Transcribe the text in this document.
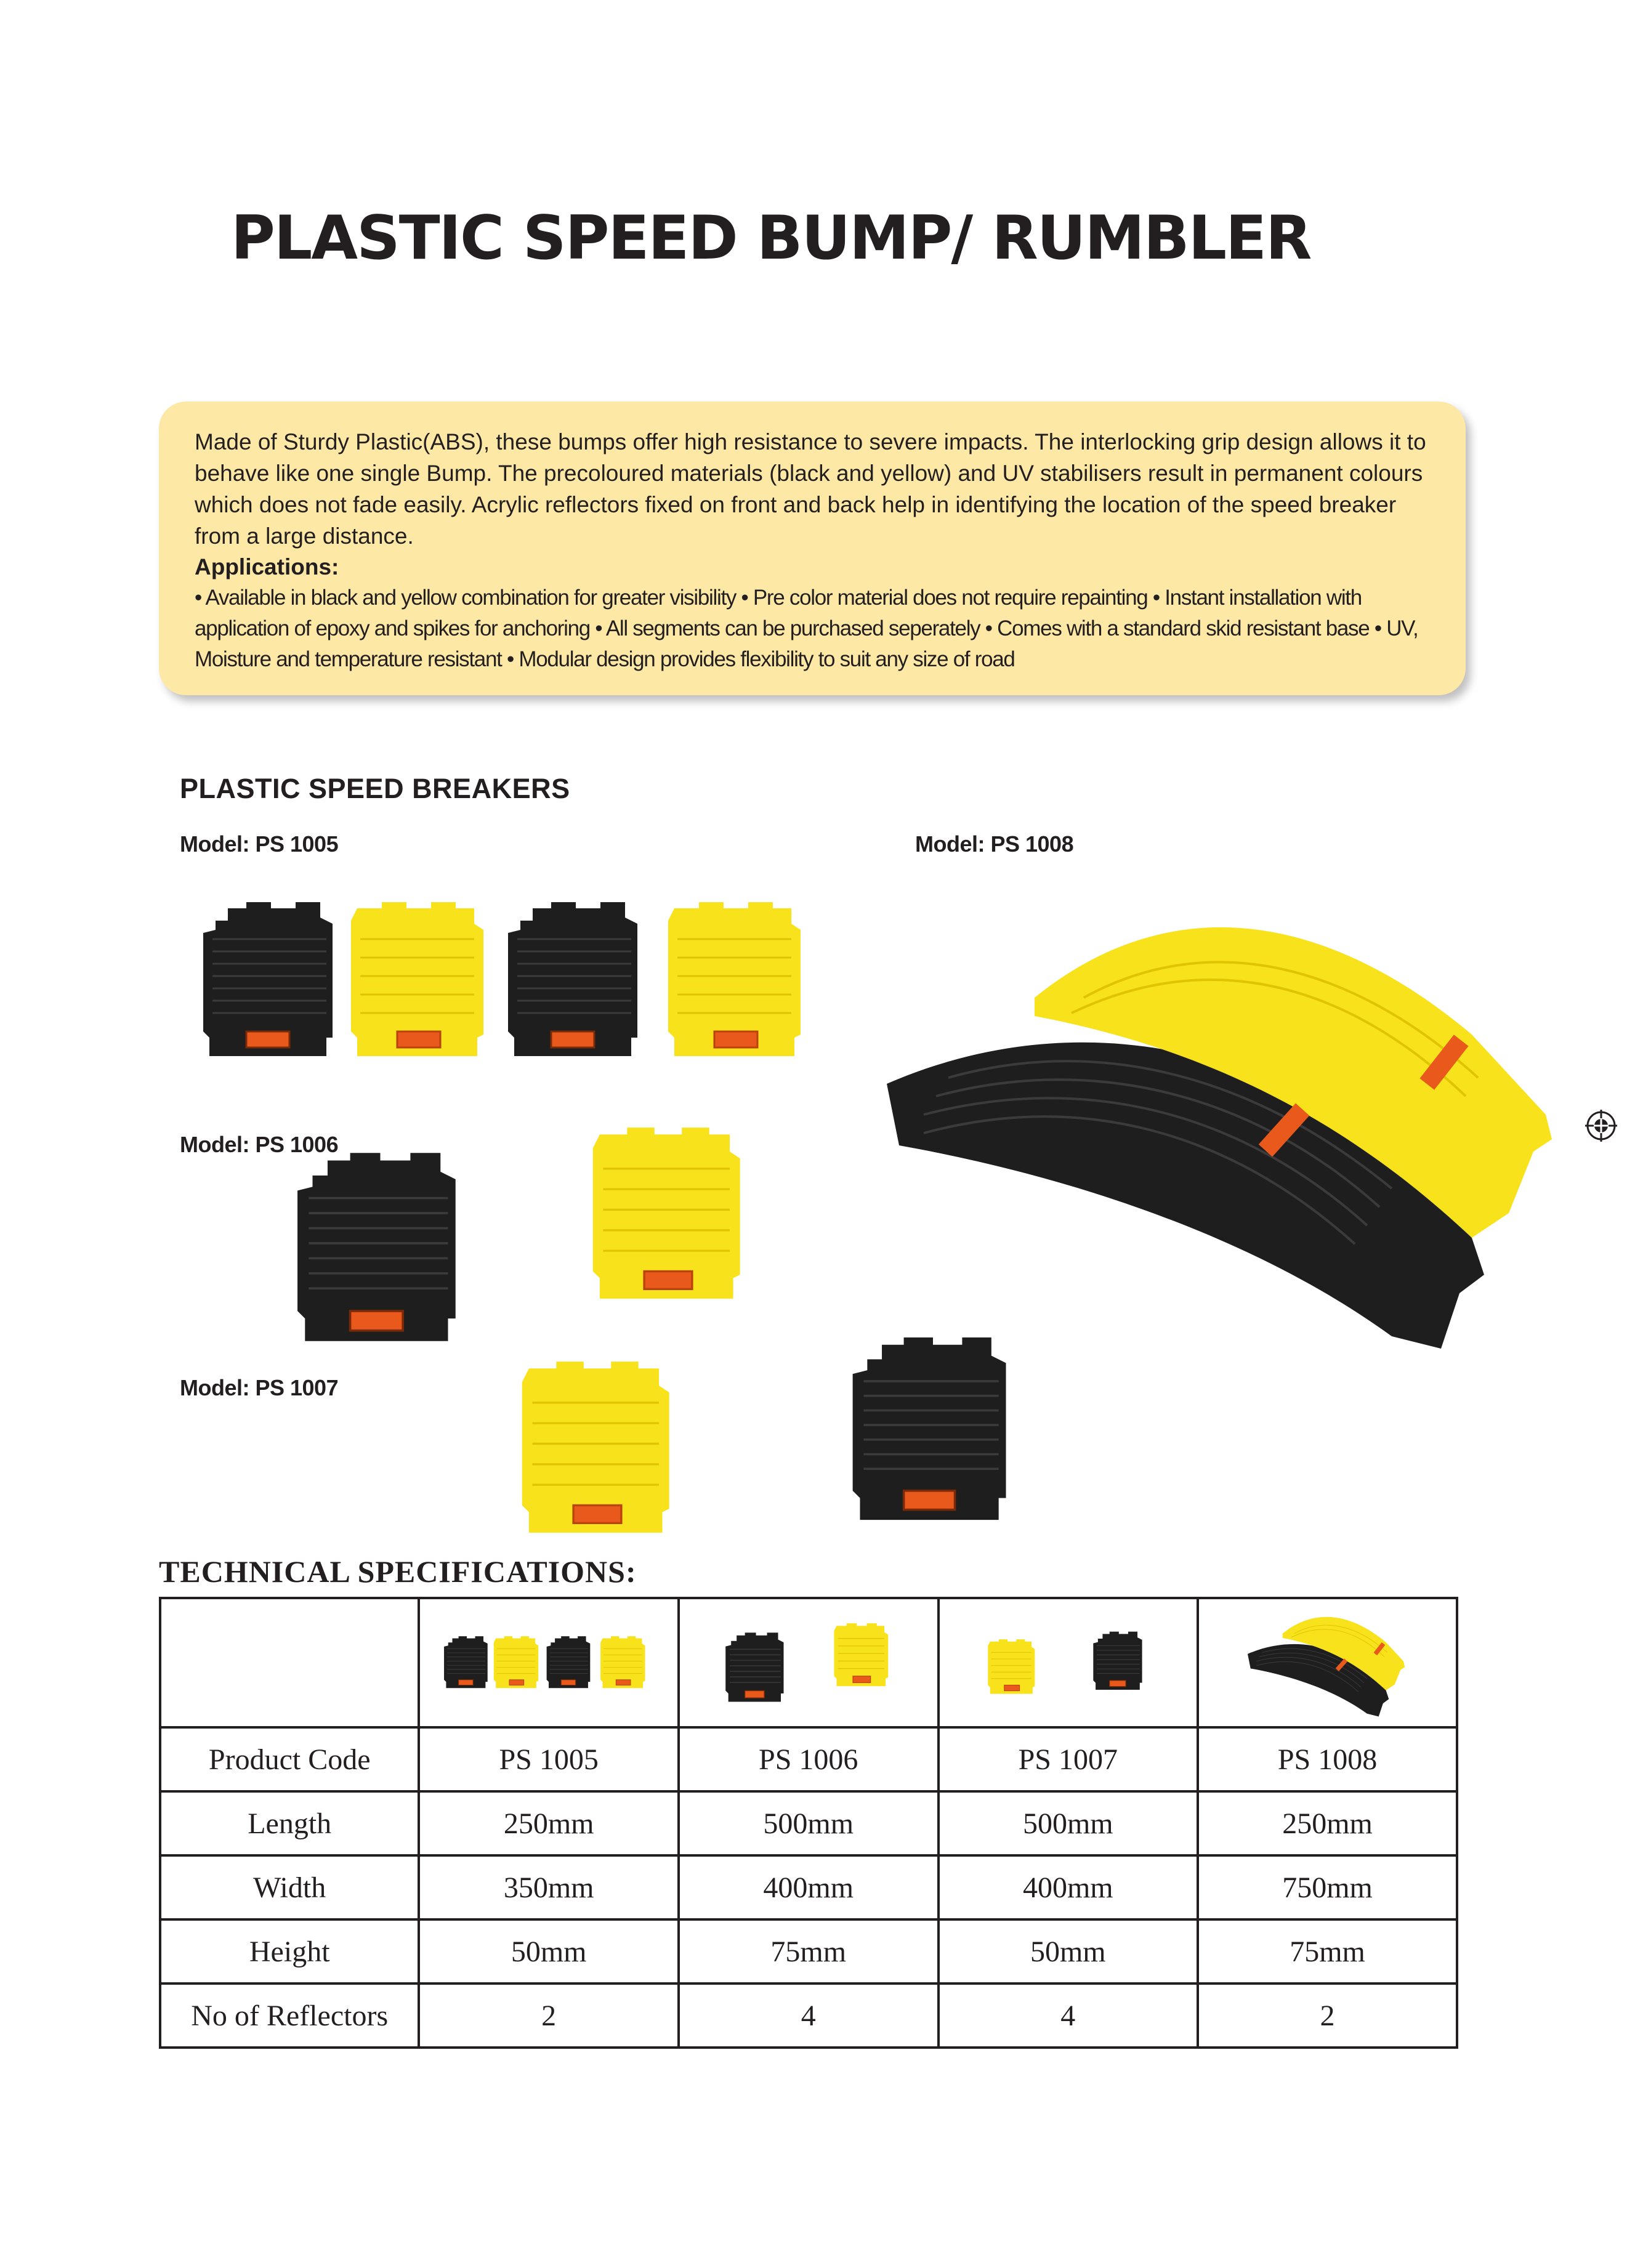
PLASTIC SPEED BUMP/ RUMBLER

Made of Sturdy Plastic(ABS), these bumps offer high resistance to severe impacts. The interlocking grip design allows it to behave like one single Bump. The precoloured materials (black and yellow) and UV stabilisers result in permanent colours which does not fade easily. Acrylic reflectors fixed on front and back help in identifying the location of the speed breaker from a large distance.

Applications:

• Available in black and yellow combination for greater visibility • Pre color material does not require repainting • Instant installation with application of epoxy and spikes for anchoring • All segments can be purchased seperately • Comes with a standard skid resistant base • UV, Moisture and temperature resistant • Modular design provides flexibility to suit any size of road

PLASTIC SPEED BREAKERS
Model: PS 1005	Model: PS 1008
Model: PS 1006
Model: PS 1007
TECHNICAL SPECIFICATIONS:

Product Code	PS 1005	PS 1006	PS 1007	PS 1008
Length	250mm	500mm	500mm	250mm
Width	350mm	400mm	400mm	750mm
Height	50mm	75mm	50mm	75mm
No of Reflectors	2	4	4	2
